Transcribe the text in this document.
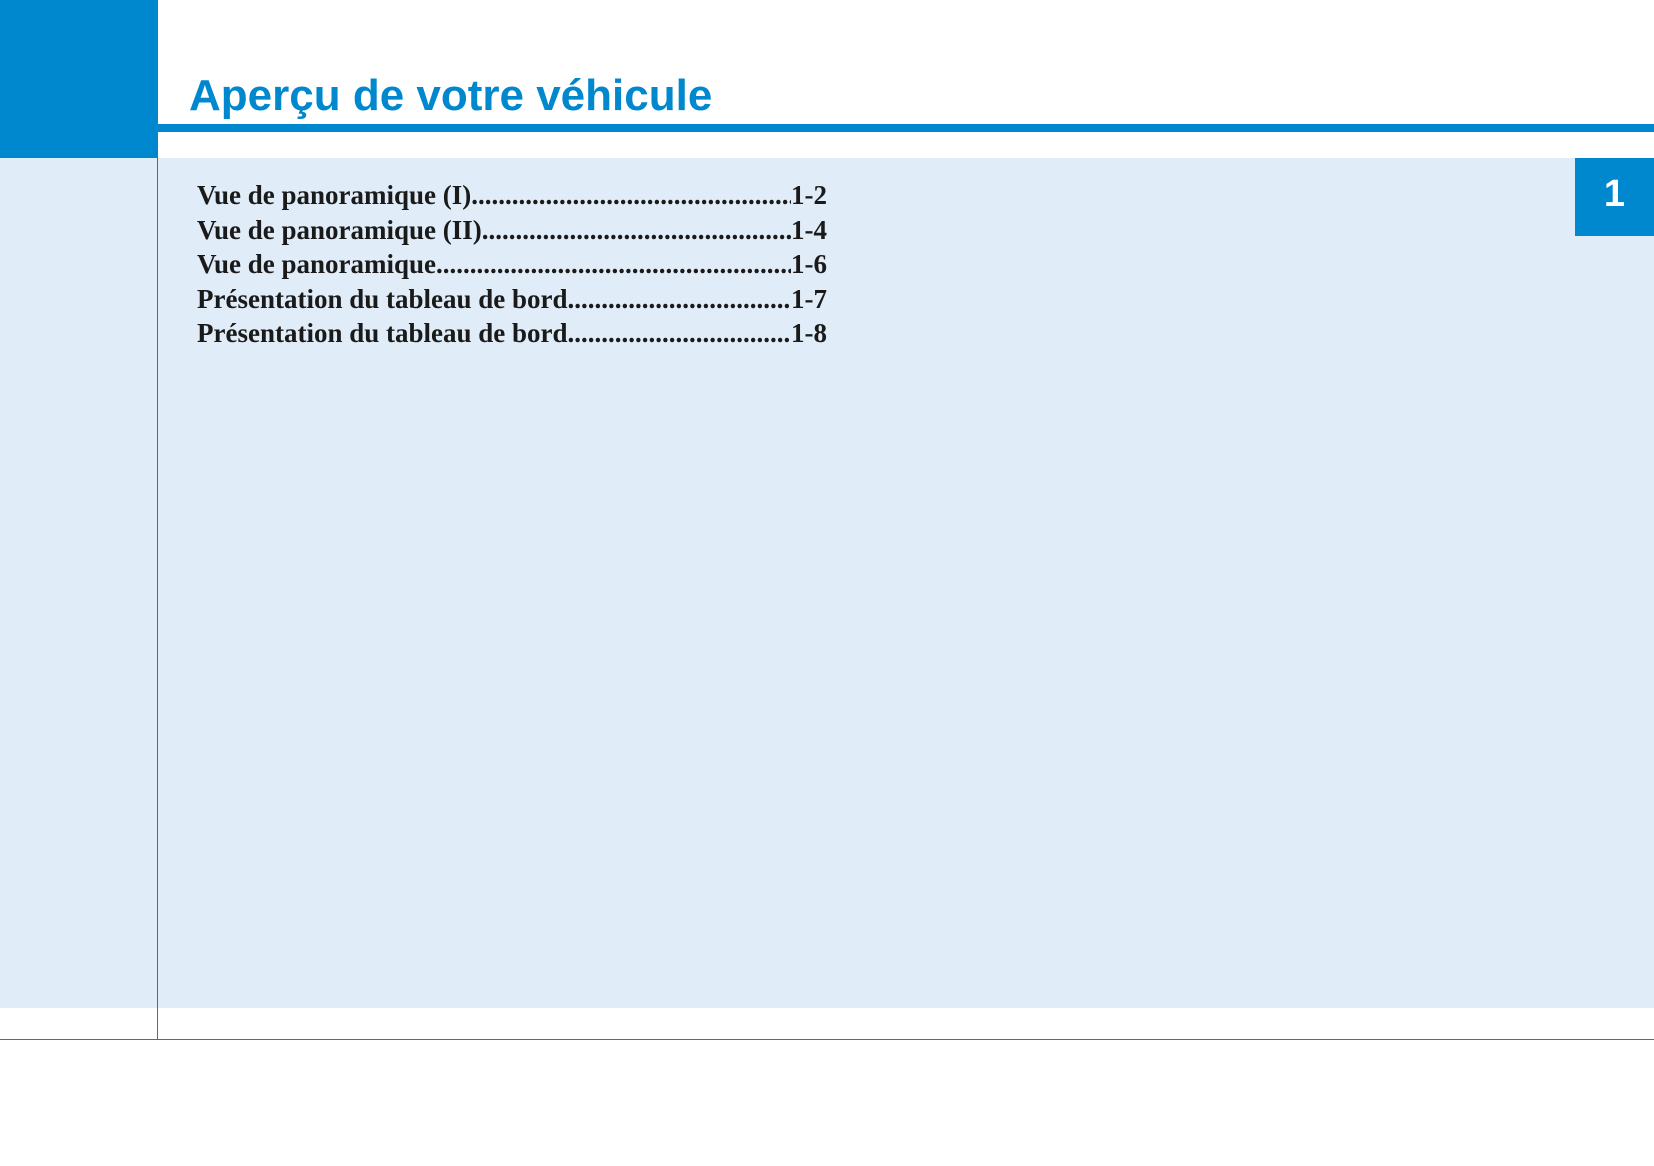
Aperçu de votre véhicule
1
Vue de panoramique (I) .....	1-2
Vue de panoramique (II) .....	1-4
Vue de panoramique .....	1-6
Présentation du tableau de bord .....	1-7
Présentation du tableau de bord .....	1-8
